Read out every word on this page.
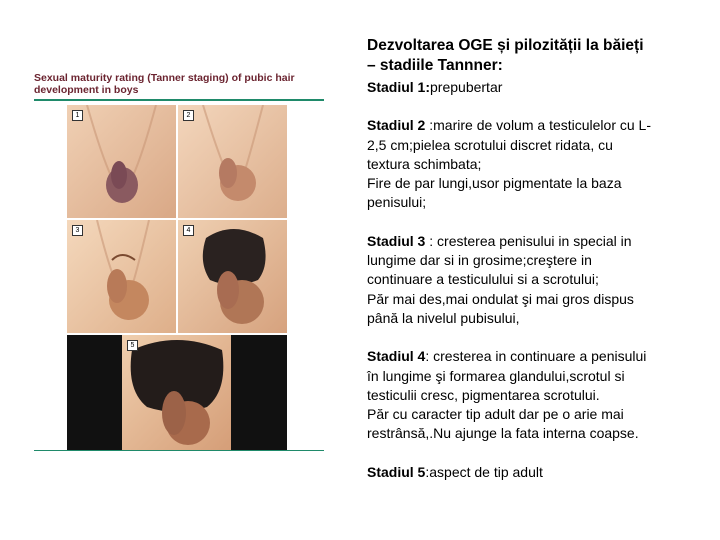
Sexual maturity rating (Tanner staging) of pubic hair development in boys
1	2
3	4
5
Dezvoltarea OGE și pilozității la băieți
– stadiile Tannner:
Stadiul 1:prepubertar
Stadiul 2 :marire de volum a testiculelor cu L-
2,5 cm;pielea scrotului discret ridata, cu
textura schimbata;
Fire de par lungi,usor pigmentate la baza
penisului;
Stadiul 3 : cresterea penisului in special in
lungime dar si in grosime;creştere in
continuare a testiculului si a scrotului;
Păr mai des,mai ondulat şi mai gros dispus
până la nivelul pubisului,
Stadiul 4: cresterea in continuare a penisului
în lungime şi formarea glandului,scrotul si
testiculii cresc, pigmentarea scrotului.
Păr cu caracter tip adult dar pe o arie mai
restrânsă,.Nu ajunge la fata interna coapse.
Stadiul 5:aspect de tip adult
